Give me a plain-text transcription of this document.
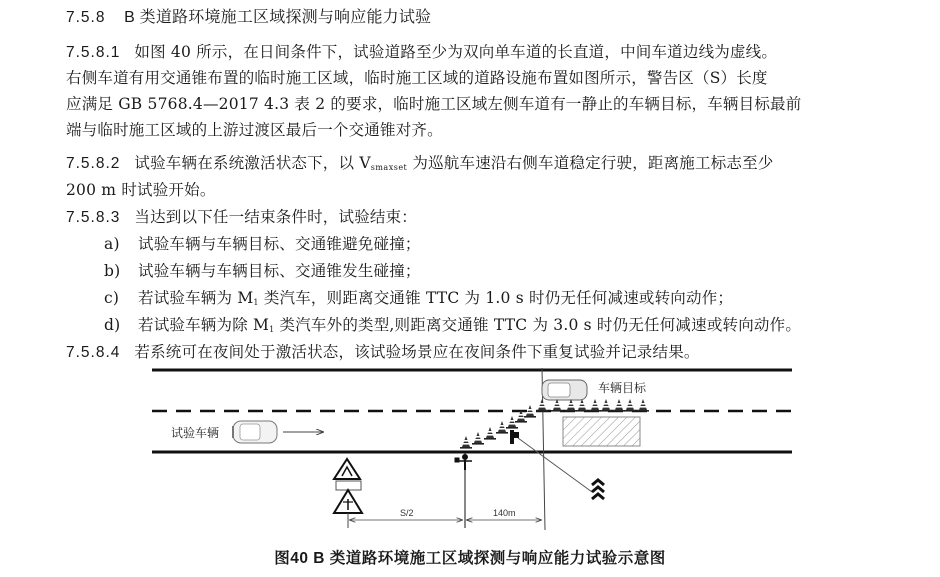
7.5.8 B 类道路环境施工区域探测与响应能力试验
7.5.8.1 如图 40 所示，在日间条件下，试验道路至少为双向单车道的长直道，中间车道边线为虚线。
右侧车道有用交通锥布置的临时施工区域，临时施工区域的道路设施布置如图所示，警告区（S）长度
应满足 GB 5768.4—2017 4.3 表 2 的要求，临时施工区域左侧车道有一静止的车辆目标，车辆目标最前
端与临时施工区域的上游过渡区最后一个交通锥对齐。
7.5.8.2 试验车辆在系统激活状态下，以 $V_{smaxset}$ 为巡航车速沿右侧车道稳定行驶，距离施工标志至少
200 m 时试验开始。
7.5.8.3 当达到以下任一结束条件时，试验结束：
a) 试验车辆与车辆目标、交通锥避免碰撞；
b) 试验车辆与车辆目标、交通锥发生碰撞；
c) 若试验车辆为 M1 类汽车，则距离交通锥 TTC 为 1.0 s 时仍无任何减速或转向动作；
d) 若试验车辆为除 M1 类汽车外的类型,则距离交通锥 TTC 为 3.0 s 时仍无任何减速或转向动作。
7.5.8.4 若系统可在夜间处于激活状态，该试验场景应在夜间条件下重复试验并记录结果。
试验车辆
车辆目标
S/2	140m
图40 B 类道路环境施工区域探测与响应能力试验示意图
